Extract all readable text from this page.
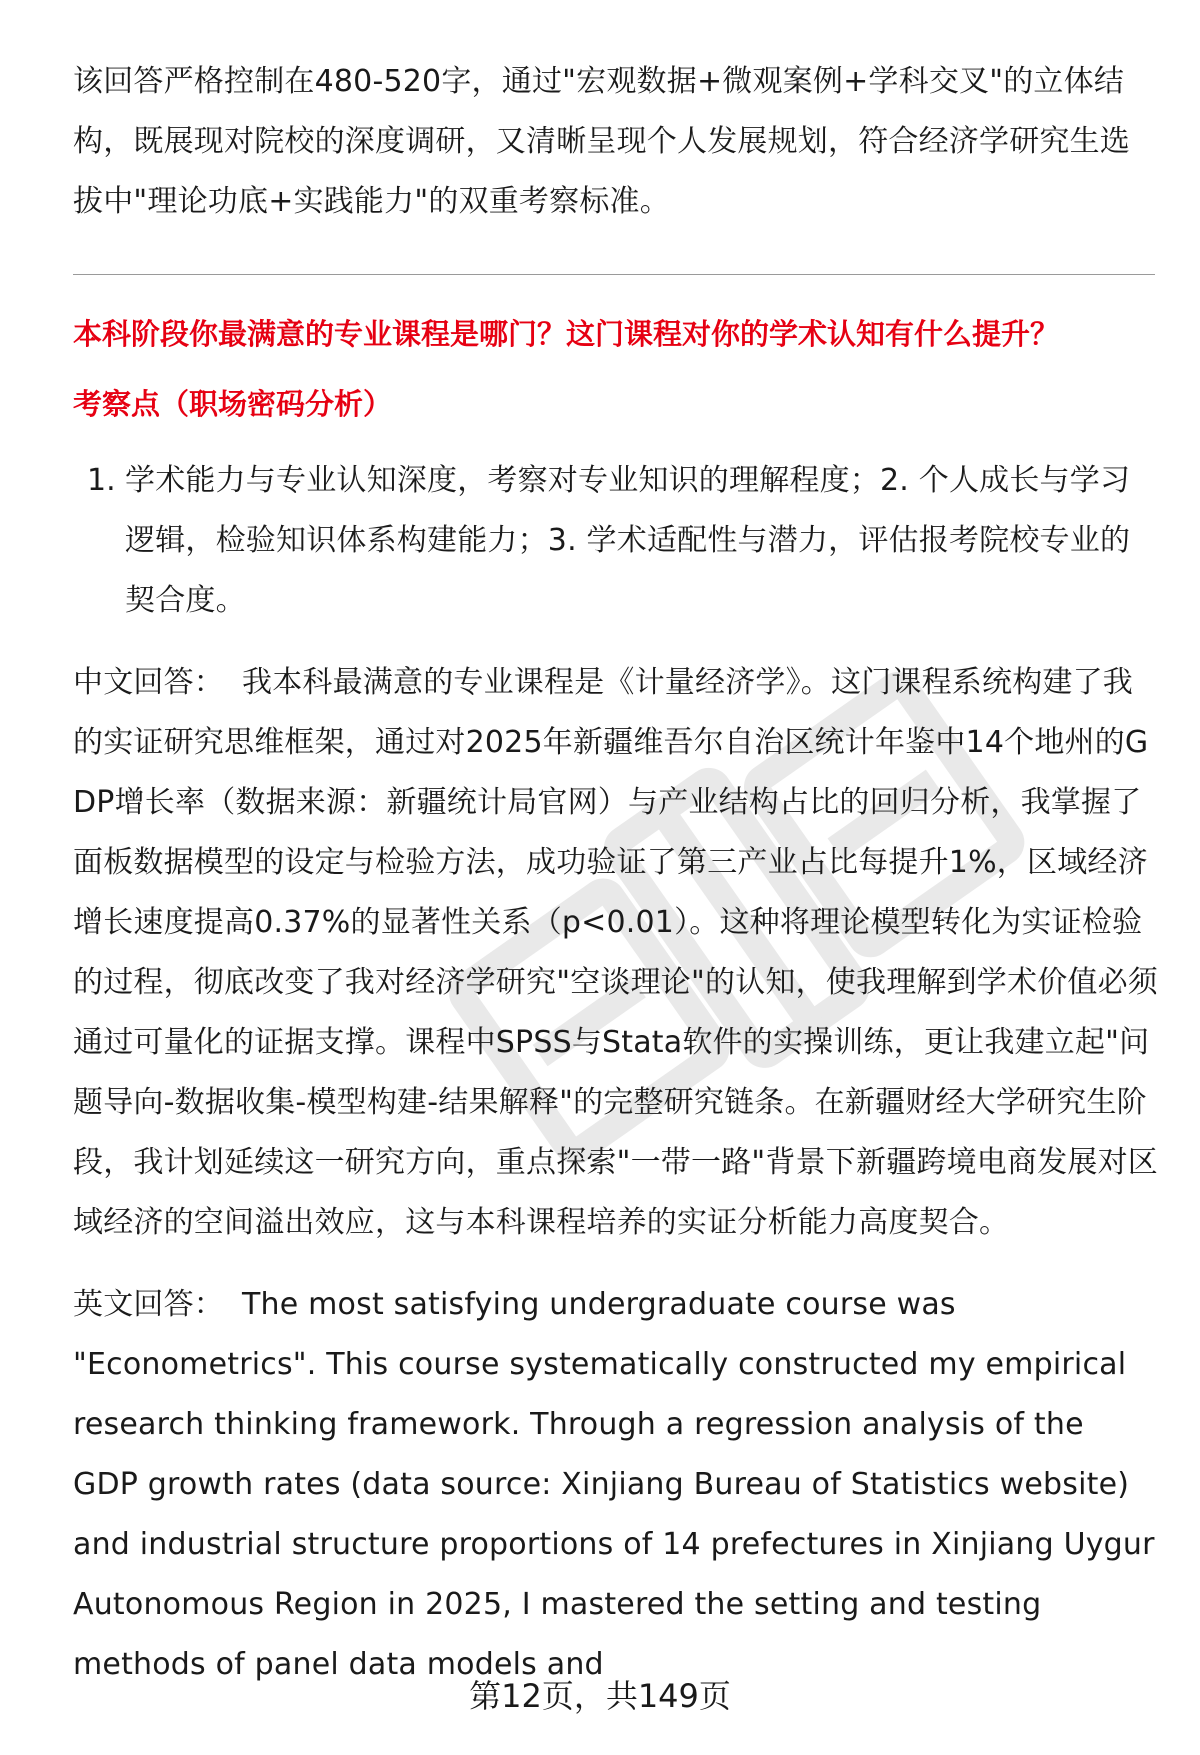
该回答严格控制在480-520字，通过"宏观数据+微观案例+学科交叉"的立体结构，既展现对院校的深度调研，又清晰呈现个人发展规划，符合经济学研究生选拔中"理论功底+实践能力"的双重考察标准。

本科阶段你最满意的专业课程是哪门？这门课程对你的学术认知有什么提升？
考察点（职场密码分析）
1. 学术能力与专业认知深度，考察对专业知识的理解程度；2. 个人成长与学习逻辑，检验知识体系构建能力；3. 学术适配性与潜力，评估报考院校专业的契合度。

中文回答： 我本科最满意的专业课程是《计量经济学》。这门课程系统构建了我的实证研究思维框架，通过对2025年新疆维吾尔自治区统计年鉴中14个地州的GDP增长率（数据来源：新疆统计局官网）与产业结构占比的回归分析，我掌握了面板数据模型的设定与检验方法，成功验证了第三产业占比每提升1%，区域经济增长速度提高0.37%的显著性关系（p<0.01）。这种将理论模型转化为实证检验的过程，彻底改变了我对经济学研究"空谈理论"的认知，使我理解到学术价值必须通过可量化的证据支撑。课程中SPSS与Stata软件的实操训练，更让我建立起"问题导向-数据收集-模型构建-结果解释"的完整研究链条。在新疆财经大学研究生阶段，我计划延续这一研究方向，重点探索"一带一路"背景下新疆跨境电商发展对区域经济的空间溢出效应，这与本科课程培养的实证分析能力高度契合。

英文回答： The most satisfying undergraduate course was "Econometrics". This course systematically constructed my empirical research thinking framework. Through a regression analysis of the GDP growth rates (data source: Xinjiang Bureau of Statistics website) and industrial structure proportions of 14 prefectures in Xinjiang Uygur Autonomous Region in 2025, I mastered the setting and testing methods of panel data models and

第12页，共149页
